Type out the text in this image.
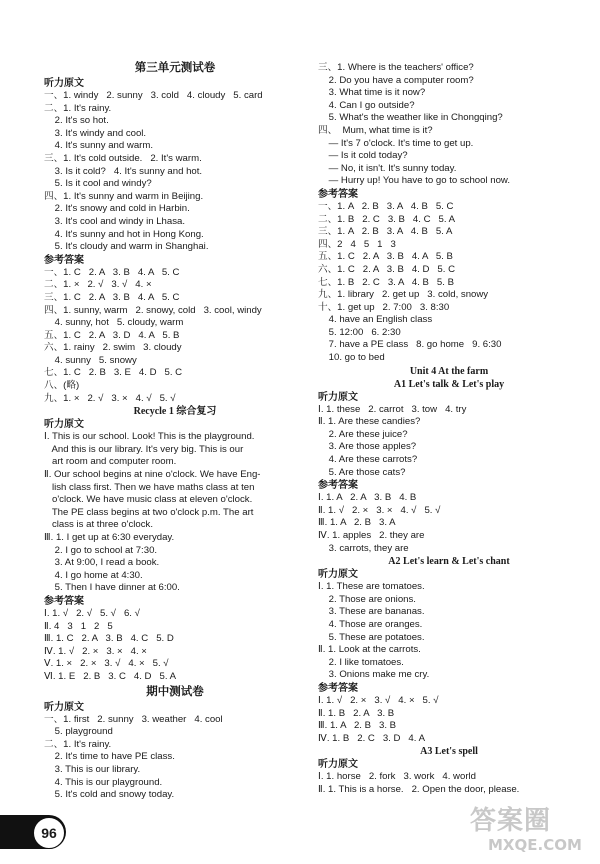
第三单元测试卷
听力原文
一、1. windy   2. sunny   3. cold   4. cloudy   5. card
二、1. It's rainy.
2. It's so hot.
3. It's windy and cool.
4. It's sunny and warm.
三、1. It's cold outside.   2. It's warm.
3. Is it cold?   4. It's sunny and hot.
5. Is it cool and windy?
四、1. It's sunny and warm in Beijing.
2. It's snowy and cold in Harbin.
3. It's cool and windy in Lhasa.
4. It's sunny and hot in Hong Kong.
5. It's cloudy and warm in Shanghai.
参考答案
一、1. C   2. A   3. B   4. A   5. C
二、1. ×   2. √   3. √   4. ×
三、1. C   2. A   3. B   4. A   5. C
四、1. sunny, warm   2. snowy, cold   3. cool, windy
4. sunny, hot   5. cloudy, warm
五、1. C   2. A   3. D   4. A   5. B
六、1. rainy   2. swim   3. cloudy
4. sunny   5. snowy
七、1. C   2. B   3. E   4. D   5. C
八、(略)
九、1. ×   2. √   3. ×   4. √   5. √
Recycle 1 综合复习
听力原文
Ⅰ. This is our school. Look! This is the playground.
And this is our library. It's very big. This is our
art room and computer room.
Ⅱ. Our school begins at nine o'clock. We have Eng-
lish class first. Then we have maths class at ten
o'clock. We have music class at eleven o'clock.
The PE class begins at two o'clock p.m. The art
class is at three o'clock.
Ⅲ. 1. I get up at 6:30 everyday.
2. I go to school at 7:30.
3. At 9:00, I read a book.
4. I go home at 4:30.
5. Then I have dinner at 6:00.
参考答案
Ⅰ. 1. √   2. √   5. √   6. √
Ⅱ. 4   3   1   2   5
Ⅲ. 1. C   2. A   3. B   4. C   5. D
Ⅳ. 1. √   2. ×   3. ×   4. ×
Ⅴ. 1. ×   2. ×   3. √   4. ×   5. √
Ⅵ. 1. E   2. B   3. C   4. D   5. A
期中测试卷
听力原文
一、1. first   2. sunny   3. weather   4. cool
5. playground
二、1. It's rainy.
2. It's time to have PE class.
3. This is our library.
4. This is our playground.
5. It's cold and snowy today.
三、1. Where is the teachers' office?
2. Do you have a computer room?
3. What time is it now?
4. Can I go outside?
5. What's the weather like in Chongqing?
四、  Mum, what time is it?
— It's 7 o'clock. It's time to get up.
— Is it cold today?
— No, it isn't. It's sunny today.
— Hurry up! You have to go to school now.
参考答案
一、1. A   2. B   3. A   4. B   5. C
二、1. B   2. C   3. B   4. C   5. A
三、1. A   2. B   3. A   4. B   5. A
四、2   4   5   1   3
五、1. C   2. A   3. B   4. A   5. B
六、1. C   2. A   3. B   4. D   5. C
七、1. B   2. C   3. A   4. B   5. B
九、1. library   2. get up   3. cold, snowy
十、1. get up   2. 7:00   3. 8:30
4. have an English class
5. 12:00   6. 2:30
7. have a PE class   8. go home   9. 6:30
10. go to bed
Unit 4 At the farm
A1 Let's talk & Let's play
听力原文
Ⅰ. 1. these   2. carrot   3. tow   4. try
Ⅱ. 1. Are these candies?
2. Are these juice?
3. Are those apples?
4. Are these carrots?
5. Are those cats?
参考答案
Ⅰ. 1. A   2. A   3. B   4. B
Ⅱ. 1. √   2. ×   3. ×   4. √   5. √
Ⅲ. 1. A   2. B   3. A
Ⅳ. 1. apples   2. they are
3. carrots, they are
A2 Let's learn & Let's chant
听力原文
Ⅰ. 1. These are tomatoes.
2. Those are onions.
3. These are bananas.
4. Those are oranges.
5. These are potatoes.
Ⅱ. 1. Look at the carrots.
2. I like tomatoes.
3. Onions make me cry.
参考答案
Ⅰ. 1. √   2. ×   3. √   4. ×   5. √
Ⅱ. 1. B   2. A   3. B
Ⅲ. 1. A   2. B   3. B
Ⅳ. 1. B   2. C   3. D   4. A
A3 Let's spell
听力原文
Ⅰ. 1. horse   2. fork   3. work   4. world
Ⅱ. 1. This is a horse.   2. Open the door, please.
96	答案圈
MXQE.COM
